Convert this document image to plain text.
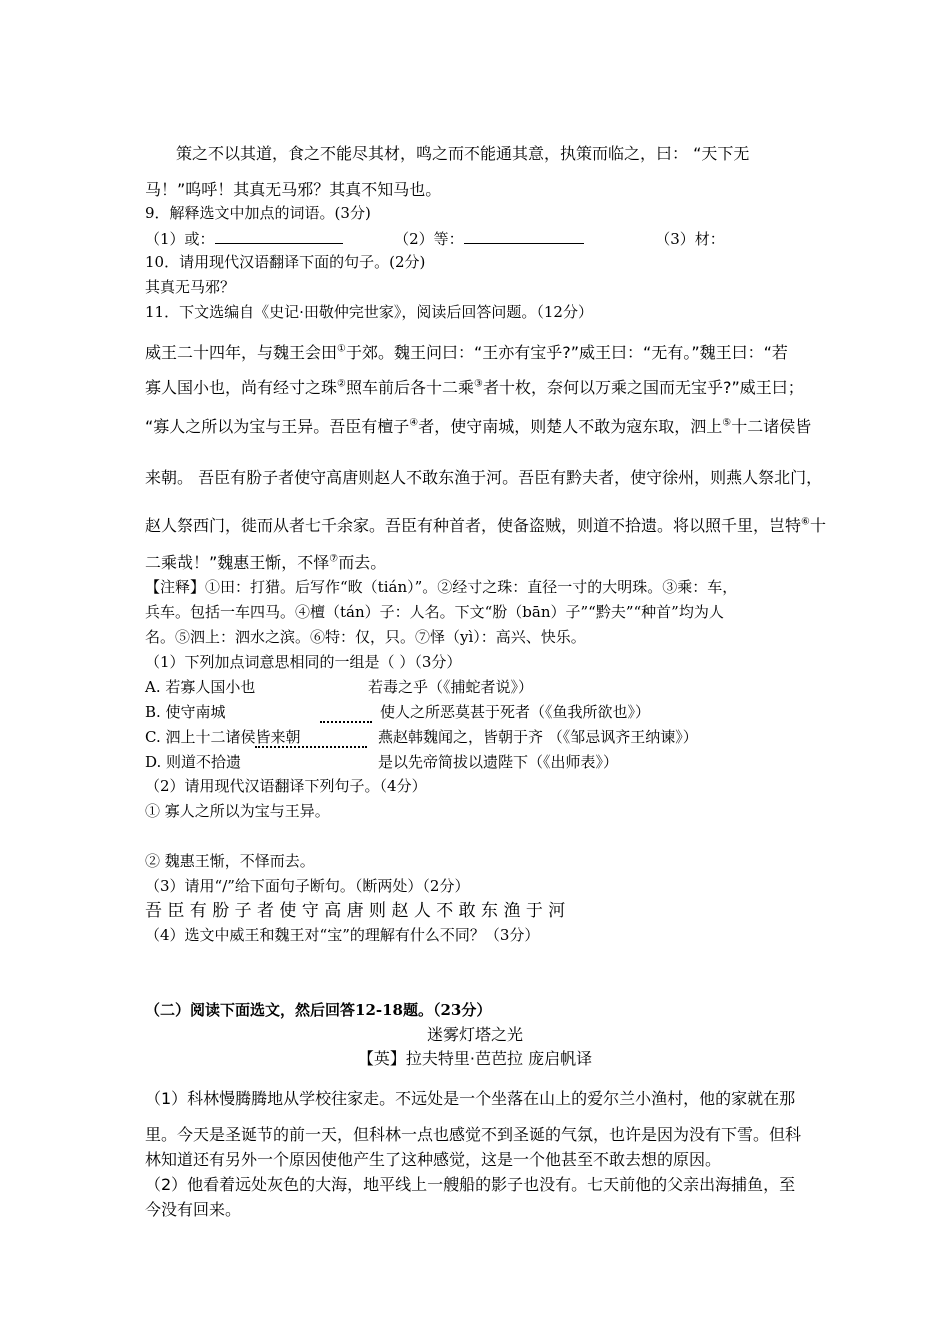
策之不以其道，食之不能尽其材，鸣之而不能通其意，执策而临之，曰： “天下无
马！”呜呼！其真无马邪？其真不知马也。
9．解释选文中加点的词语。(3分)
（1）或：	（2）等：	（3）材：
10．请用现代汉语翻译下面的句子。(2分)
其真无马邪？
11．下文选编自《史记·田敬仲完世家》，阅读后回答问题。（12分）
威王二十四年，与魏王会田①于郊。魏王问曰：“王亦有宝乎?”威王曰：“无有。”魏王曰：“若
寡人国小也，尚有经寸之珠②照车前后各十二乘③者十枚，奈何以万乘之国而无宝乎?”威王曰；
“寡人之所以为宝与王异。吾臣有檀子④者，使守南城，则楚人不敢为寇东取，泗上⑤十二诸侯皆
来朝。 吾臣有肦子者使守高唐则赵人不敢东渔于河。吾臣有黔夫者，使守徐州，则燕人祭北门，
赵人祭西门，徙而从者七千余家。吾臣有种首者，使备盗贼，则道不拾遗。将以照千里，岂特⑥十
二乘哉！”魏惠王惭，不怿⑦而去。
【注释】①田：打猎。后写作“畋（tián）”。②经寸之珠：直径一寸的大明珠。③乘：车，
兵车。包括一车四马。④檀（tán）子：人名。下文“肦（bān）子”“黔夫”“种首”均为人
名。⑤泗上：泗水之滨。⑥特：仅，只。⑦怿（yì）：高兴、快乐。
（1）下列加点词意思相同的一组是（ ）（3分）
A. 若寡人国小也	若毒之乎（《捕蛇者说》）
B. 使守南城	使人之所恶莫甚于死者（《鱼我所欲也》）
C. 泗上十二诸侯皆来朝	燕赵韩魏闻之，皆朝于齐 （《邹忌讽齐王纳谏》）
D. 则道不拾遗	是以先帝简拔以遗陛下（《出师表》）
（2）请用现代汉语翻译下列句子。（4分）
① 寡人之所以为宝与王异。
② 魏惠王惭，不怿而去。
（3）请用“/”给下面句子断句。（断两处）（2分）
吾 臣 有 肦 子 者 使 守 高 唐 则 赵 人 不 敢 东 渔 于 河
（4）选文中威王和魏王对“宝”的理解有什么不同？（3分）
（二）阅读下面选文，然后回答12-18题。（23分）
迷雾灯塔之光
【英】拉夫特里·芭芭拉 庞启帆译
（1）科林慢腾腾地从学校往家走。不远处是一个坐落在山上的爱尔兰小渔村，他的家就在那
里。今天是圣诞节的前一天，但科林一点也感觉不到圣诞的气氛，也许是因为没有下雪。但科
林知道还有另外一个原因使他产生了这种感觉，这是一个他甚至不敢去想的原因。
（2）他看着远处灰色的大海，地平线上一艘船的影子也没有。七天前他的父亲出海捕鱼，至
今没有回来。
